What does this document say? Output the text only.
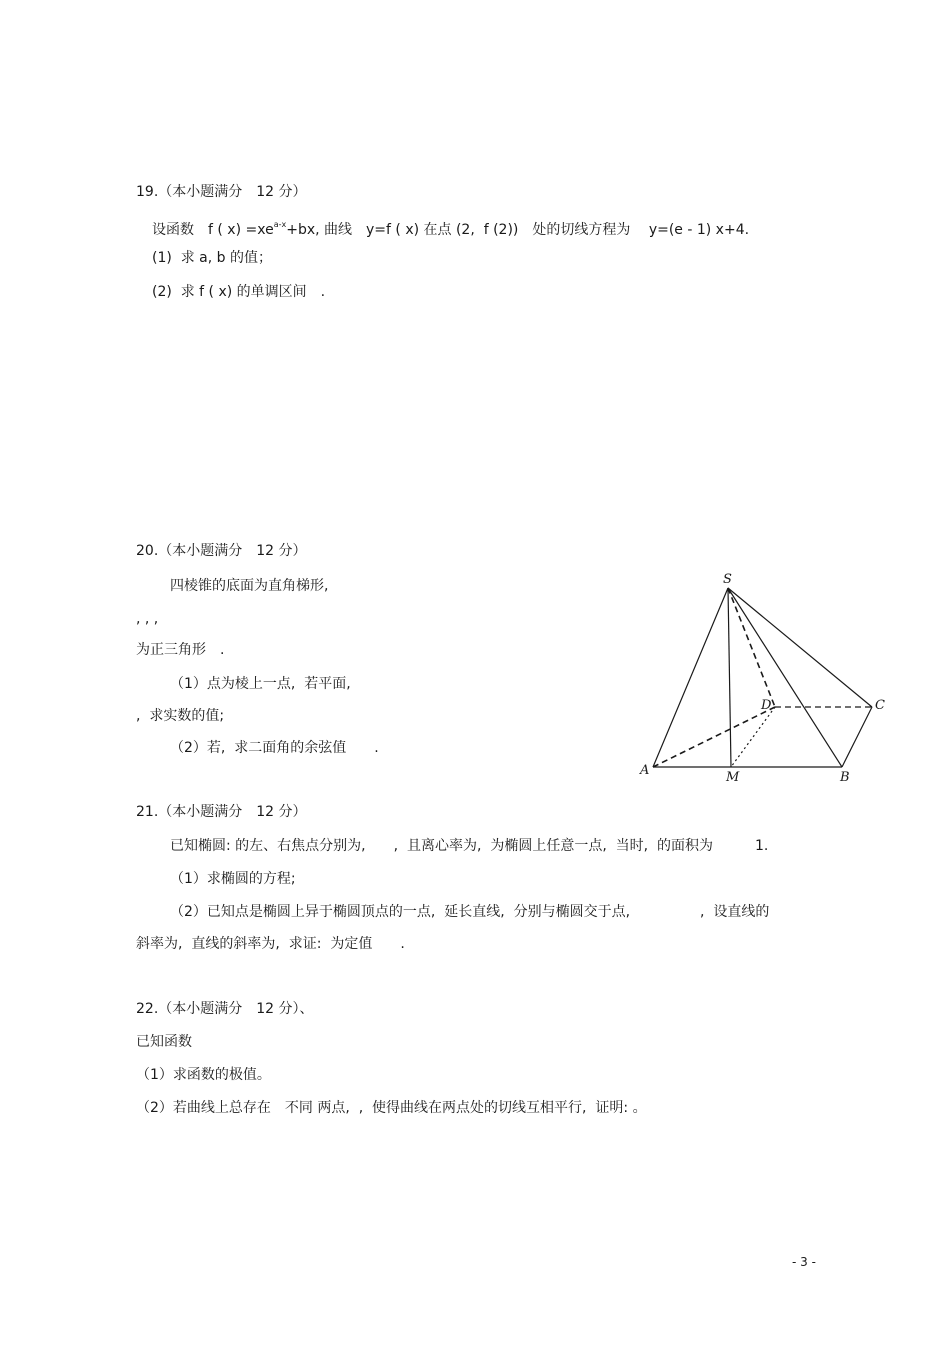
19.（本小题满分　12 分）
设函数　f ( $x) =xe^{a-x}+bx$, 曲线　y=f ( x) 在点 (2,  f (2))　处的切线方程为　 y=(e - 1) x+4.
(1)  求 a, b 的值；
(2)  求 f ( x) 的单调区间　.
20.（本小题满分　12 分）
四棱锥的底面为直角梯形,
, , ,
为正三角形　.
（1）点为棱上一点,  若平面,
,  求实数的值;
（2）若,  求二面角的余弦值　　.
S
A	M	B
C
D
21.（本小题满分　12 分）
已知椭圆: 的左、右焦点分别为,　　,  且离心率为,  为椭圆上任意一点,  当时,  的面积为　　　1.
（1）求椭圆的方程;
（2）已知点是椭圆上异于椭圆顶点的一点,  延长直线,  分别与椭圆交于点,　　　　　,  设直线的
斜率为,  直线的斜率为,  求证:  为定值　　.
22.（本小题满分　12 分）、
已知函数
（1）求函数的极值。
（2）若曲线上总存在　不同 两点,  ,  使得曲线在两点处的切线互相平行,  证明: 。
- 3 -
